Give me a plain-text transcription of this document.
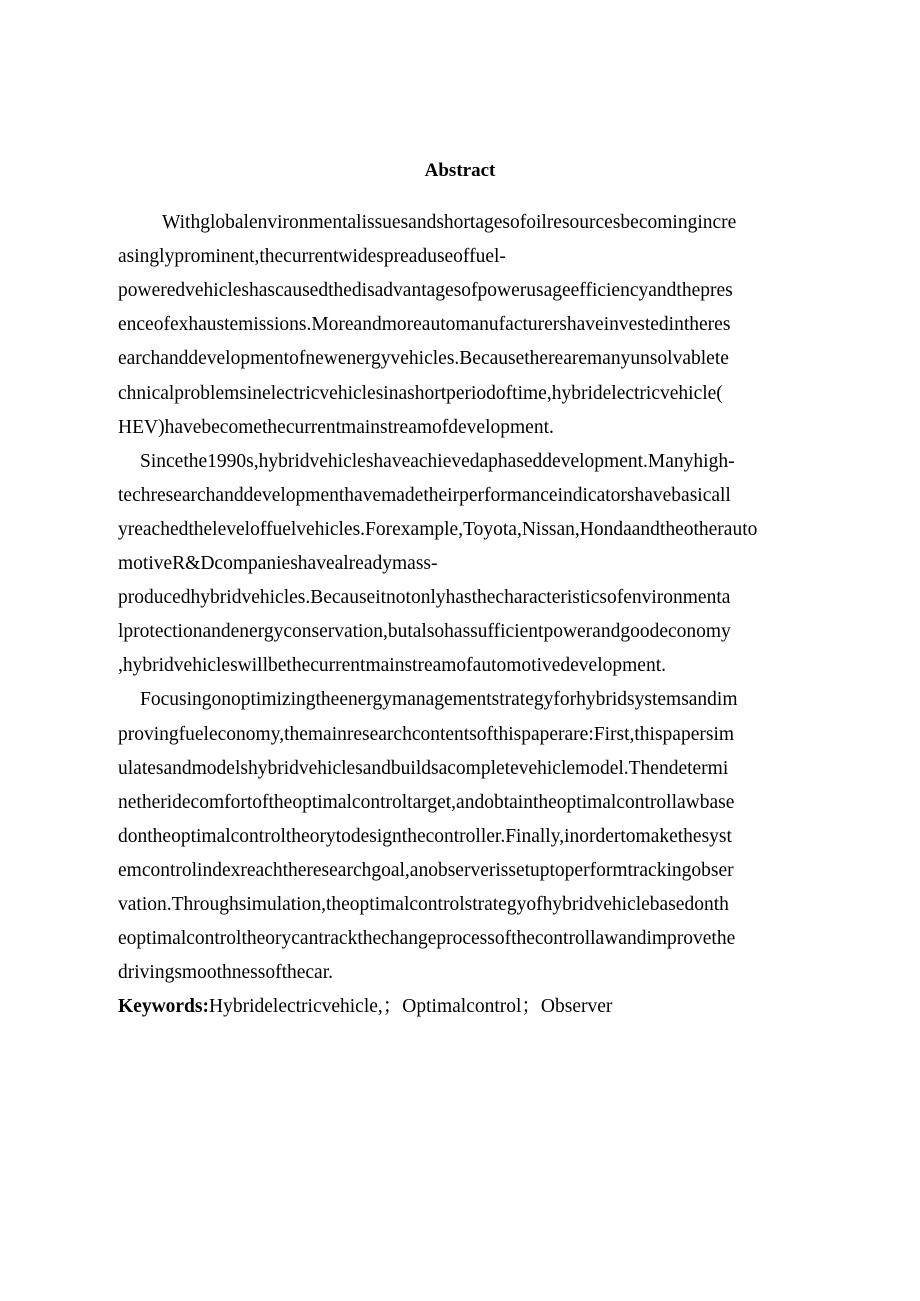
Abstract
Withglobalenvironmentalissuesandshortagesofoilresourcesbecomingincre
asinglyprominent,thecurrentwidespreaduseoffuel-
poweredvehicleshascausedthedisadvantagesofpowerusageefficiencyandthepres
enceofexhaustemissions.Moreandmoreautomanufacturershaveinvestedintheres
earchanddevelopmentofnewenergyvehicles.Becausetherearemanyunsolvablete
chnicalproblemsinelectricvehiclesinashortperiodoftime,hybridelectricvehicle(
HEV)havebecomethecurrentmainstreamofdevelopment.
Sincethe1990s,hybridvehicleshaveachievedaphaseddevelopment.Manyhigh-
techresearchanddevelopmenthavemadetheirperformanceindicatorshavebasicall
yreachedtheleveloffuelvehicles.Forexample,Toyota,Nissan,Hondaandtheotherauto
motiveR&Dcompanieshavealreadymass-
producedhybridvehicles.Becauseitnotonlyhasthecharacteristicsofenvironmenta
lprotectionandenergyconservation,butalsohassufficientpowerandgoodeconomy
,hybridvehicleswillbethecurrentmainstreamofautomotivedevelopment.
Focusingonoptimizingtheenergymanagementstrategyforhybridsystemsandim
provingfueleconomy,themainresearchcontentsofthispaperare:First,thispapersim
ulatesandmodelshybridvehiclesandbuildsacompletevehiclemodel.Thendetermi
netheridecomfortoftheoptimalcontroltarget,andobtaintheoptimalcontrollawbase
dontheoptimalcontroltheorytodesignthecontroller.Finally,inordertomakethesyst
emcontrolindexreachtheresearchgoal,anobserverissetuptoperformtrackingobser
vation.Throughsimulation,theoptimalcontrolstrategyofhybridvehiclebasedonth
eoptimalcontroltheorycantrackthechangeprocessofthecontrollawandimprovethe
drivingsmoothnessofthecar.
Keywords:Hybridelectricvehicle,；Optimalcontrol；Observer
